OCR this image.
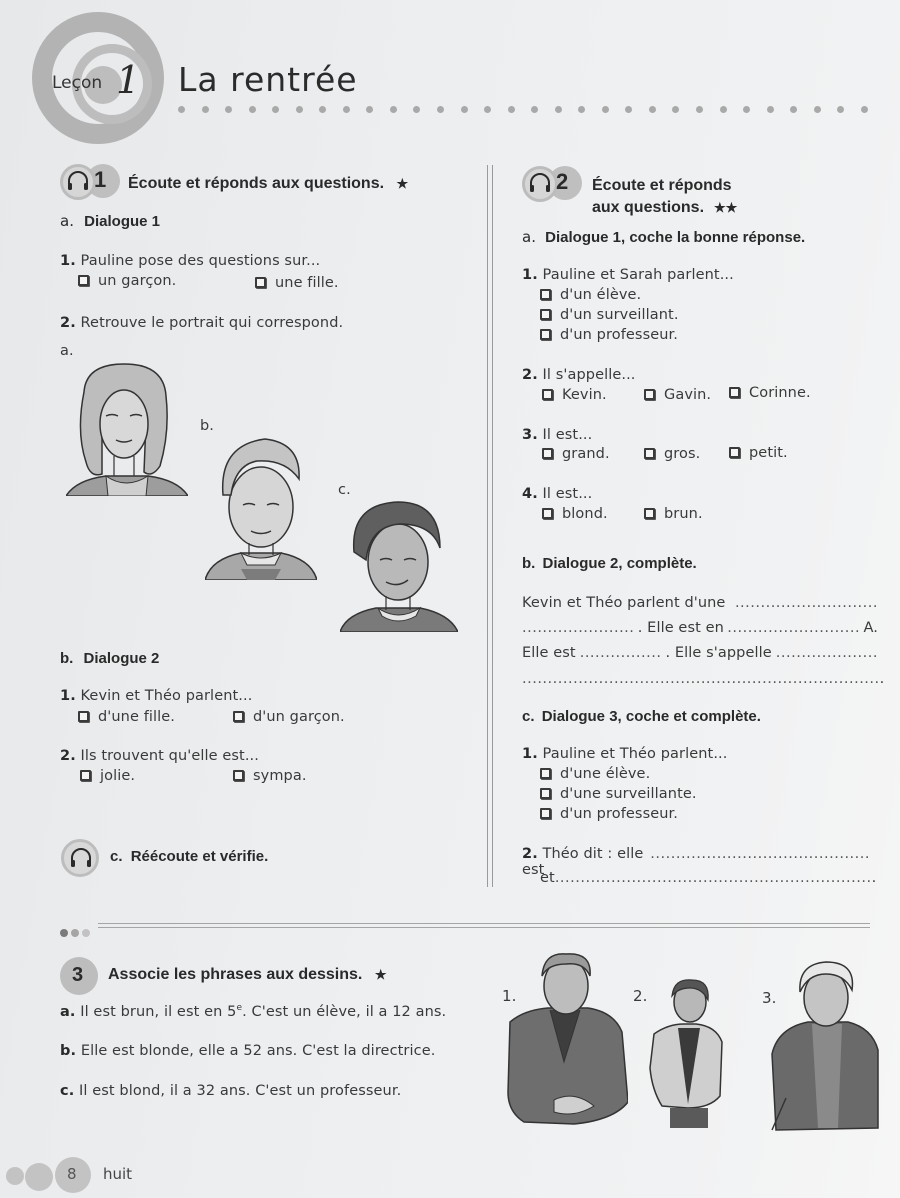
Leçon 1 La rentrée
1 Écoute et réponds aux questions. ★
a. Dialogue 1
1. Pauline pose des questions sur...
un garçon.	une fille.
2. Retrouve le portrait qui correspond.
a.
b.
c.
b. Dialogue 2
1. Kevin et Théo parlent...
d'une fille.	d'un garçon.
2. Ils trouvent qu'elle est...
jolie.	sympa.
c. Réécoute et vérifie.
2 Écoute et réponds
aux questions. ★★
a. Dialogue 1, coche la bonne réponse.
1. Pauline et Sarah parlent...
d'un élève.
d'un surveillant.
d'un professeur.
2. Il s'appelle...
Kevin.	Gavin.	Corinne.
3. Il est...
grand.	gros.	petit.
4. Il est...
blond.	brun.
b. Dialogue 2, complète.
Kevin et Théo parlent d'une ............................
...................... . Elle est en .......................... A.
Elle est ................ . Elle s'appelle ....................
...................................................................... .
c. Dialogue 3, coche et complète.
1. Pauline et Théo parlent...
d'une élève.
d'une surveillante.
d'un professeur.
2. Théo dit : elle est
...........................................
et .............................................................. .
3 Associe les phrases aux dessins. ★
a. Il est brun, il est en 5e. C'est un élève, il a 12 ans.
b. Elle est blonde, elle a 52 ans. C'est la directrice.
c. Il est blond, il a 32 ans. C'est un professeur.
1.	2.	3.
8 huit
